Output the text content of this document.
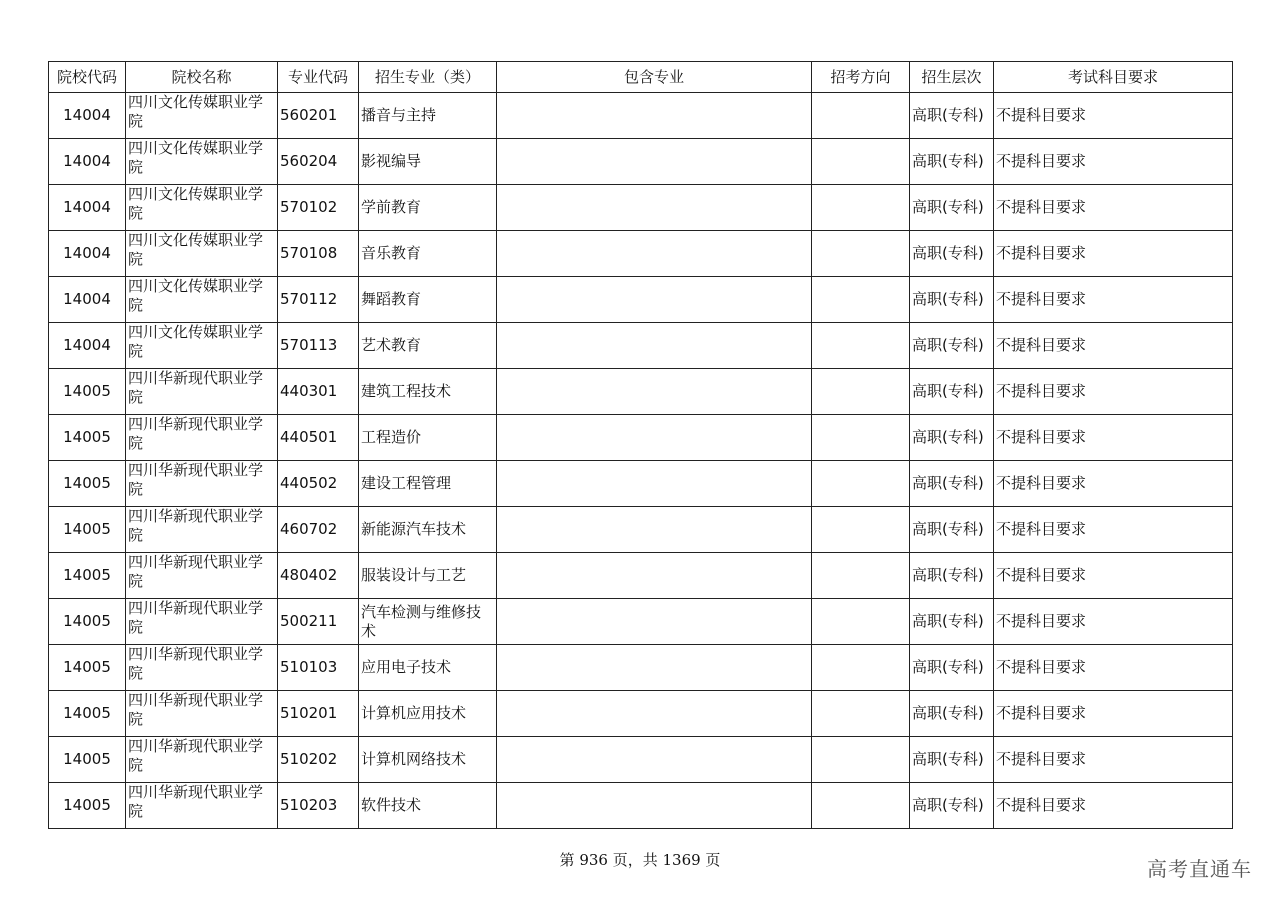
院校代码	院校名称	专业代码	招生专业（类）	包含专业	招考方向	招生层次	考试科目要求
14004	四川文化传媒职业学院	560201	播音与主持			高职(专科)	不提科目要求
14004	四川文化传媒职业学院	560204	影视编导			高职(专科)	不提科目要求
14004	四川文化传媒职业学院	570102	学前教育			高职(专科)	不提科目要求
14004	四川文化传媒职业学院	570108	音乐教育			高职(专科)	不提科目要求
14004	四川文化传媒职业学院	570112	舞蹈教育			高职(专科)	不提科目要求
14004	四川文化传媒职业学院	570113	艺术教育			高职(专科)	不提科目要求
14005	四川华新现代职业学院	440301	建筑工程技术			高职(专科)	不提科目要求
14005	四川华新现代职业学院	440501	工程造价			高职(专科)	不提科目要求
14005	四川华新现代职业学院	440502	建设工程管理			高职(专科)	不提科目要求
14005	四川华新现代职业学院	460702	新能源汽车技术			高职(专科)	不提科目要求
14005	四川华新现代职业学院	480402	服装设计与工艺			高职(专科)	不提科目要求
14005	四川华新现代职业学院	500211	汽车检测与维修技术			高职(专科)	不提科目要求
14005	四川华新现代职业学院	510103	应用电子技术			高职(专科)	不提科目要求
14005	四川华新现代职业学院	510201	计算机应用技术			高职(专科)	不提科目要求
14005	四川华新现代职业学院	510202	计算机网络技术			高职(专科)	不提科目要求
14005	四川华新现代职业学院	510203	软件技术			高职(专科)	不提科目要求
第 936 页，共 1369 页	高考直通车
